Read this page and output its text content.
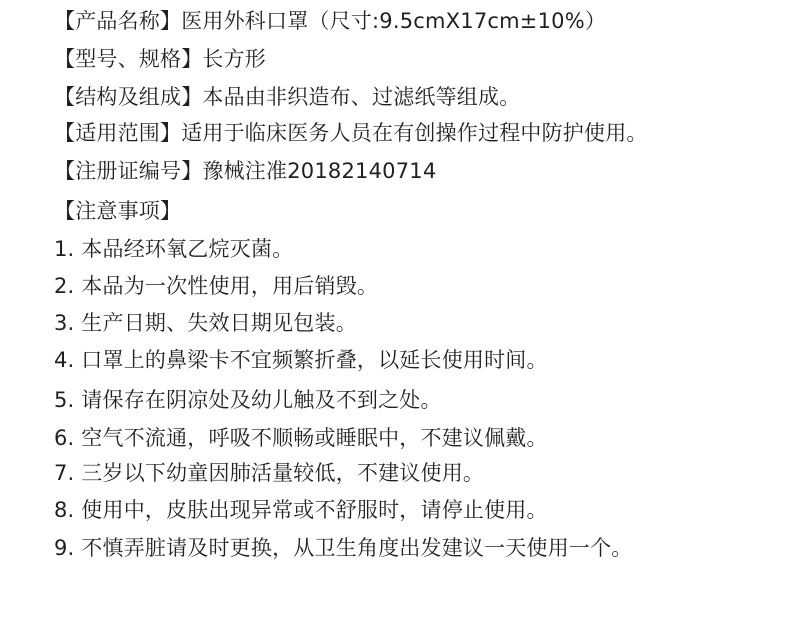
【产品名称】医用外科口罩（尺寸:9.5cmX17cm±10%）
【型号、规格】长方形
【结构及组成】本品由非织造布、过滤纸等组成。
【适用范围】适用于临床医务人员在有创操作过程中防护使用。
【注册证编号】豫械注准20182140714
【注意事项】
1. 本品经环氧乙烷灭菌。
2. 本品为一次性使用，用后销毁。
3. 生产日期、失效日期见包装。
4. 口罩上的鼻梁卡不宜频繁折叠，以延长使用时间。
5. 请保存在阴凉处及幼儿触及不到之处。
6. 空气不流通，呼吸不顺畅或睡眠中，不建议佩戴。
7. 三岁以下幼童因肺活量较低，不建议使用。
8. 使用中，皮肤出现异常或不舒服时，请停止使用。
9. 不慎弄脏请及时更换，从卫生角度出发建议一天使用一个。
